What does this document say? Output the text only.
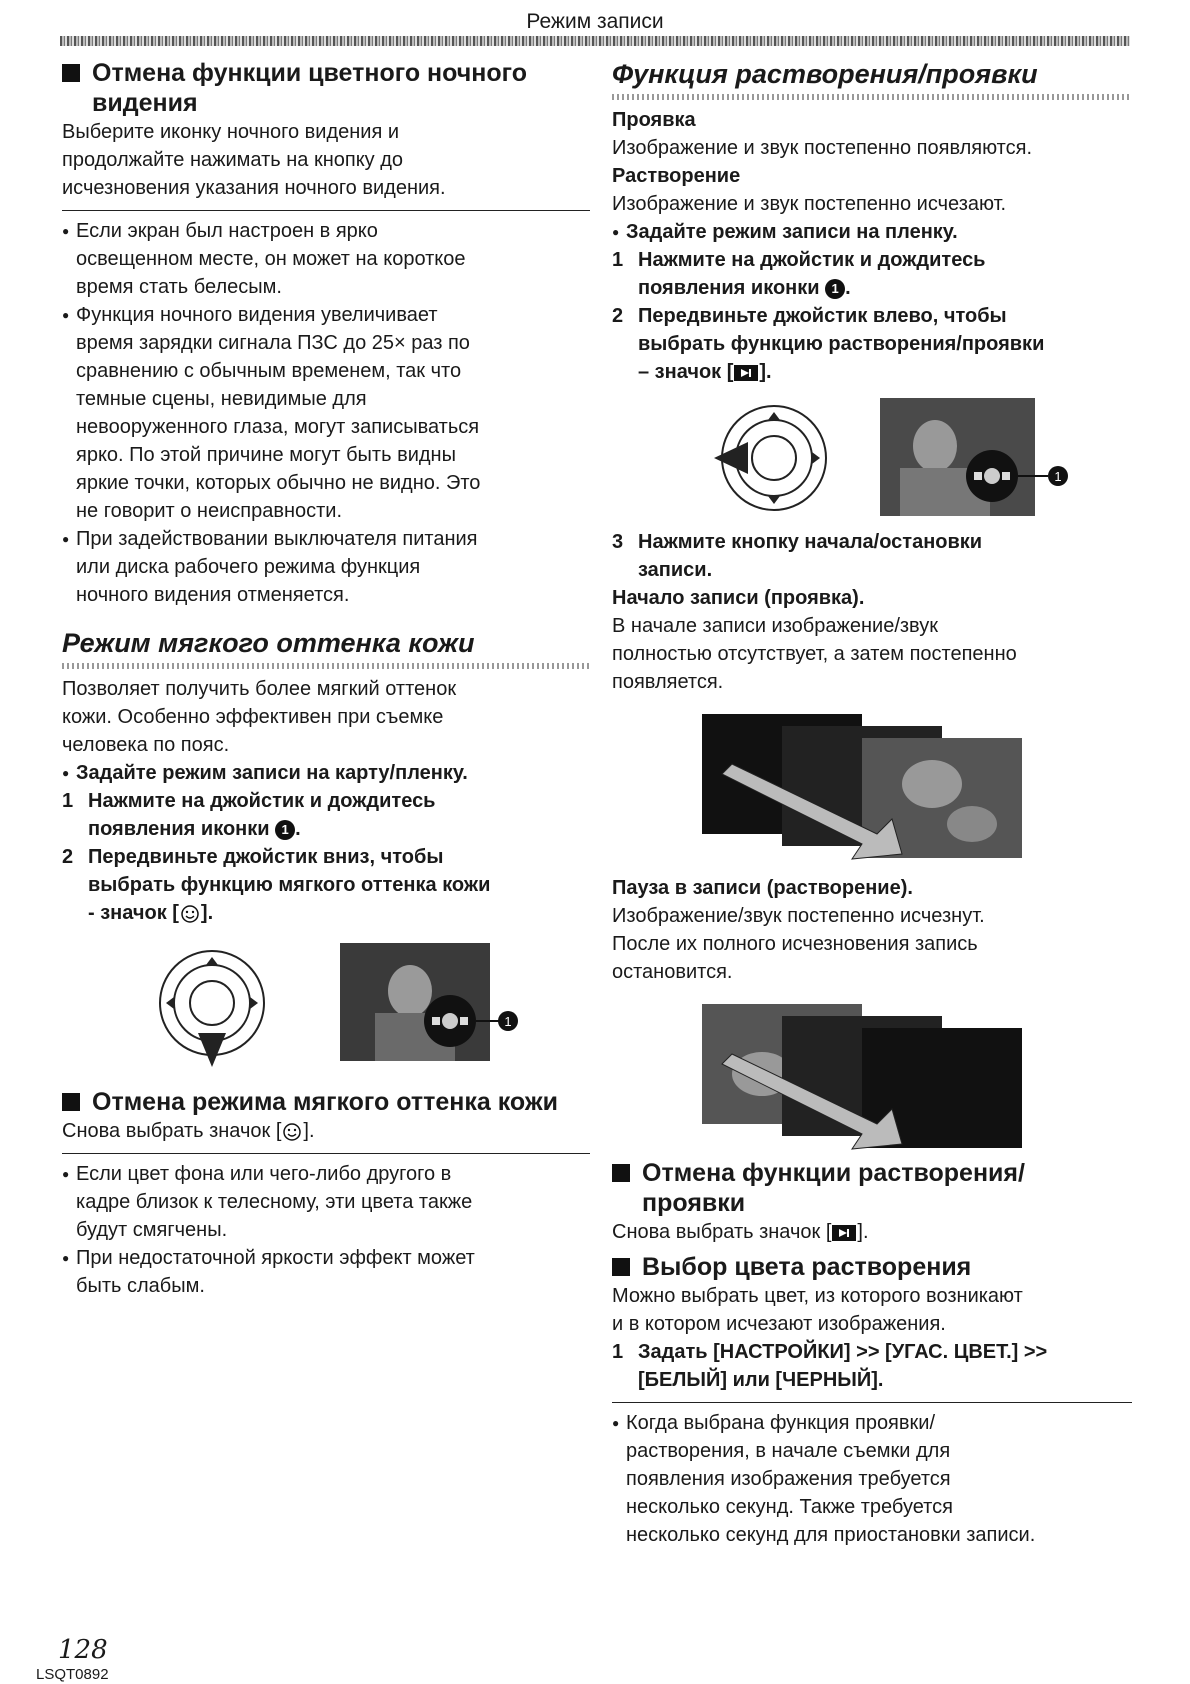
Режим записи
Отмена функции цветного ночного
видения

Выберите иконку ночного видения и
продолжайте нажимать на кнопку до
исчезновения указания ночного видения.

● Если экран был настроен в ярко
освещенном месте, он может на короткое
время стать белесым.
● Функция ночного видения увеличивает
время зарядки сигнала ПЗС до 25× раз по
сравнению с обычным временем, так что
темные сцены, невидимые для
невооруженного глаза, могут записываться
ярко. По этой причине могут быть видны
яркие точки, которых обычно не видно. Это
не говорит о неисправности.
● При задействовании выключателя питания
или диска рабочего режима функция
ночного видения отменяется.
Режим мягкого оттенка кожи

Позволяет получить более мягкий оттенок
кожи. Особенно эффективен при съемке
человека по пояс.

● Задайте режим записи на карту/пленку.
1 Нажмите на джойстик и дождитесь
появления иконки 1 .
2 Передвиньте джойстик вниз, чтобы
выбрать функцию мягкого оттенка кожи
- значок [ ].
1
Отмена режима мягкого оттенка кожи

Снова выбрать значок [ ].

● Если цвет фона или чего-либо другого в
кадре близок к телесному, эти цвета также
будут смягчены.
● При недостаточной яркости эффект может
быть слабым.
Функция растворения/проявки

Проявка

Изображение и звук постепенно появляются.

Растворение

Изображение и звук постепенно исчезают.

● Задайте режим записи на пленку.
1 Нажмите на джойстик и дождитесь
появления иконки 1 .
2 Передвиньте джойстик влево, чтобы
выбрать функцию растворения/проявки
– значок [ ].
1
3 Нажмите кнопку начала/остановки
записи.

Начало записи (проявка).

В начале записи изображение/звук
полностью отсутствует, а затем постепенно
появляется.

Пауза в записи (растворение).

Изображение/звук постепенно исчезнут.
После их полного исчезновения запись
остановится.

Отмена функции растворения/
проявки

Снова выбрать значок [ ].

Выбор цвета растворения

Можно выбрать цвет, из которого возникают
и в котором исчезают изображения.

1 Задать [НАСТРОЙКИ] >> [УГАС. ЦВЕТ.] >>
[БЕЛЫЙ] или [ЧЕРНЫЙ].
● Когда выбрана функция проявки/
растворения, в начале съемки для
появления изображения требуется
несколько секунд. Также требуется
несколько секунд для приостановки записи.
128
LSQT0892
